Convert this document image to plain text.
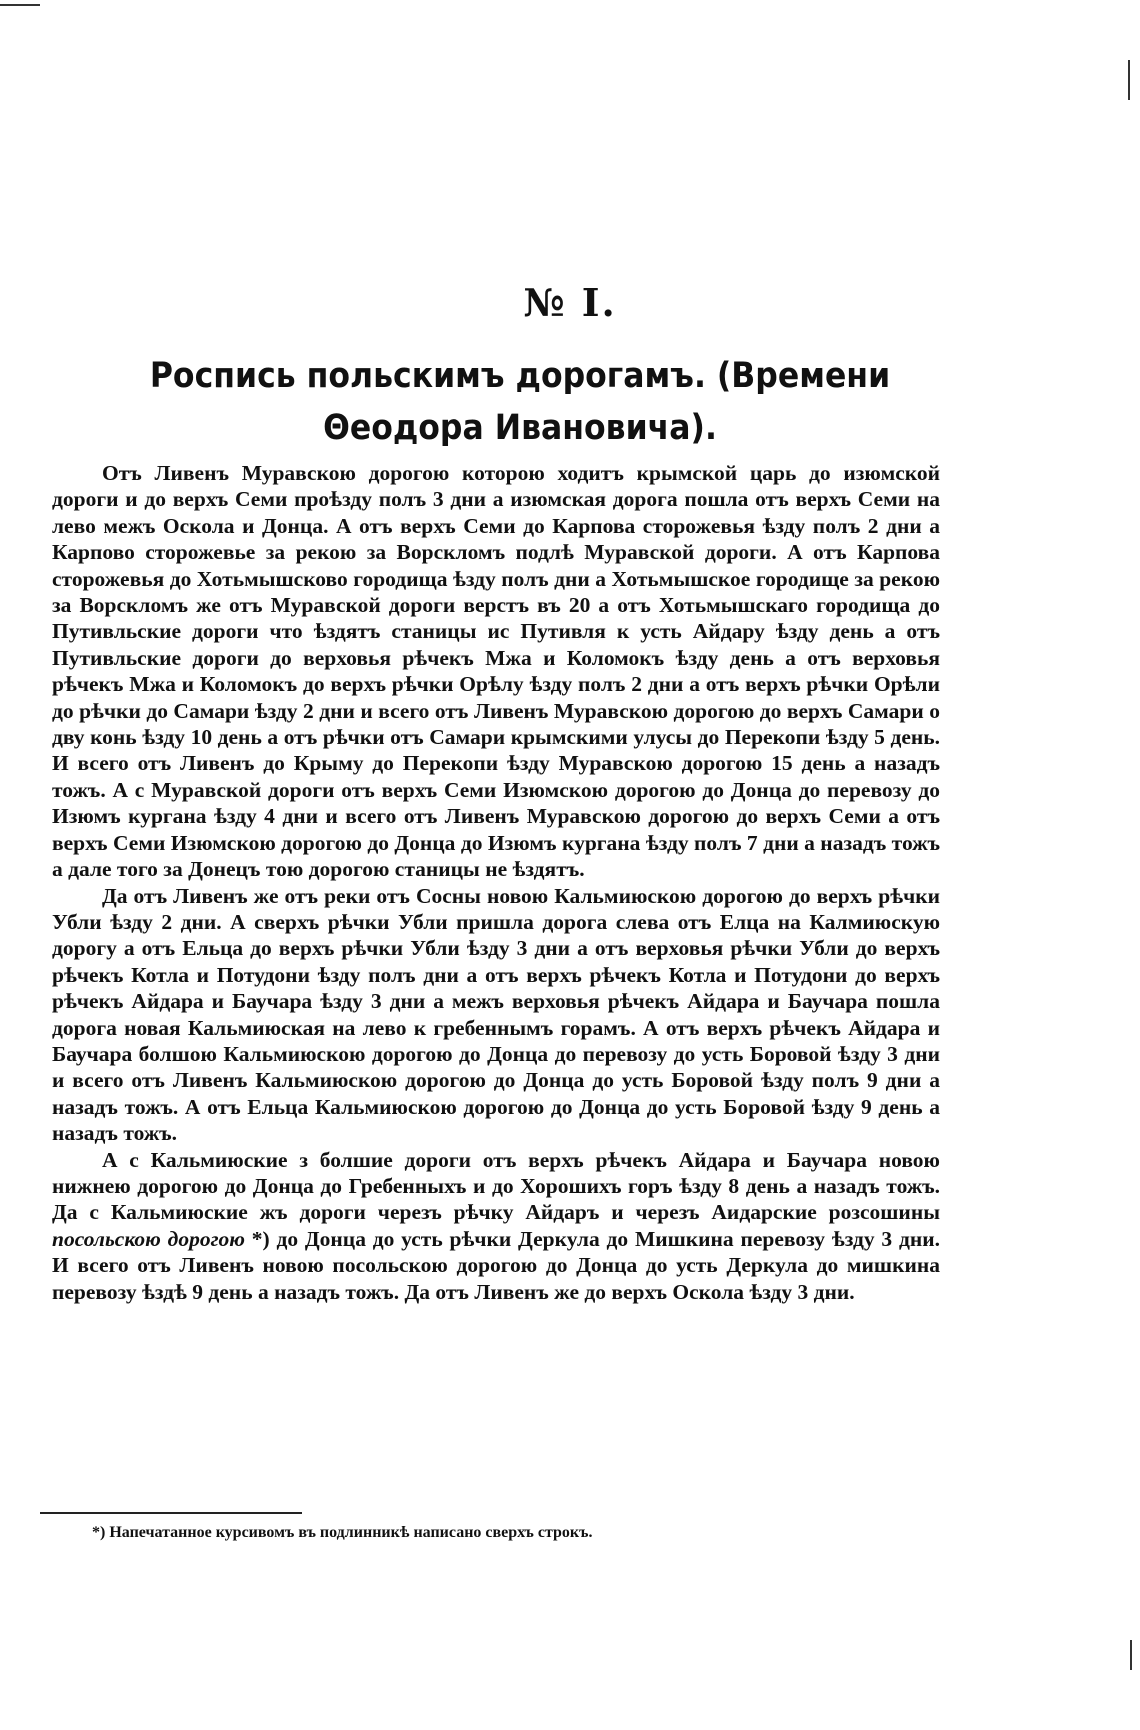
№ I.
Роспись польскимъ дорогамъ. (Времени Θеодора Ивановича).

Отъ Ливенъ Муравскою дорогою которою ходитъ крымской царь до изюмской дороги и до верхъ Семи проѣзду полъ 3 дни а изюмская дорога пошла отъ верхъ Семи на лево межъ Оскола и Донца. А отъ верхъ Семи до Карпова сторожевья ѣзду полъ 2 дни а Карпово сторожевье за рекою за Ворскломъ подлѣ Муравской дороги. А отъ Карпова сторожевья до Хотьмышсково городища ѣзду полъ дни а Хотьмышское городище за рекою за Ворскломъ же отъ Муравской дороги верстъ въ 20 а отъ Хотьмышскаго городища до Путивльские дороги что ѣздятъ станицы ис Путивля к усть Айдару ѣзду день а отъ Путивльские дороги до верховья рѣчекъ Мжа и Коломокъ ѣзду день а отъ верховья рѣчекъ Мжа и Коломокъ до верхъ рѣчки Орѣлу ѣзду полъ 2 дни а отъ верхъ рѣчки Орѣли до рѣчки до Самари ѣзду 2 дни и всего отъ Ливенъ Муравскою дорогою до верхъ Самари о дву конь ѣзду 10 день а отъ рѣчки отъ Самари крымскими улусы до Перекопи ѣзду 5 день. И всего отъ Ливенъ до Крыму до Перекопи ѣзду Муравскою дорогою 15 день а назадъ тожъ. А с Муравской дороги отъ верхъ Семи Изюмскою дорогою до Донца до перевозу до Изюмъ кургана ѣзду 4 дни и всего отъ Ливенъ Муравскою дорогою до верхъ Семи а отъ верхъ Семи Изюмскою дорогою до Донца до Изюмъ кургана ѣзду полъ 7 дни а назадъ тожъ а дале того за Донецъ тою дорогою станицы не ѣздятъ.

Да отъ Ливенъ же отъ реки отъ Сосны новою Кальмиюскою дорогою до верхъ рѣчки Убли ѣзду 2 дни. А сверхъ рѣчки Убли пришла дорога слева отъ Елца на Калмиюскую дорогу а отъ Ельца до верхъ рѣчки Убли ѣзду 3 дни а отъ верховья рѣчки Убли до верхъ рѣчекъ Котла и Потудони ѣзду полъ дни а отъ верхъ рѣчекъ Котла и Потудони до верхъ рѣчекъ Айдара и Баучара ѣзду 3 дни а межъ верховья рѣчекъ Айдара и Баучара пошла дорога новая Кальмиюская на лево к гребеннымъ горамъ. А отъ верхъ рѣчекъ Айдара и Баучара болшою Кальмиюскою дорогою до Донца до перевозу до усть Боровой ѣзду 3 дни и всего отъ Ливенъ Кальмиюскою дорогою до Донца до усть Боровой ѣзду полъ 9 дни а назадъ тожъ. А отъ Ельца Кальмиюскою дорогою до Донца до усть Боровой ѣзду 9 день а назадъ тожъ.

А с Кальмиюские з болшие дороги отъ верхъ рѣчекъ Айдара и Баучара новою нижнею дорогою до Донца до Гребенныхъ и до Хорошихъ горъ ѣзду 8 день а назадъ тожъ. Да с Кальмиюские жъ дороги черезъ рѣчку Айдаръ и черезъ Аидарские розсошины посольскою дорогою *) до Донца до усть рѣчки Деркула до Мишкина перевозу ѣзду 3 дни. И всего отъ Ливенъ новою посольскою дорогою до Донца до усть Деркула до мишкина перевозу ѣздѣ 9 день а назадъ тожъ. Да отъ Ливенъ же до верхъ Оскола ѣзду 3 дни.

*) Напечатанное курсивомъ въ подлинникѣ написано сверхъ строкъ.
